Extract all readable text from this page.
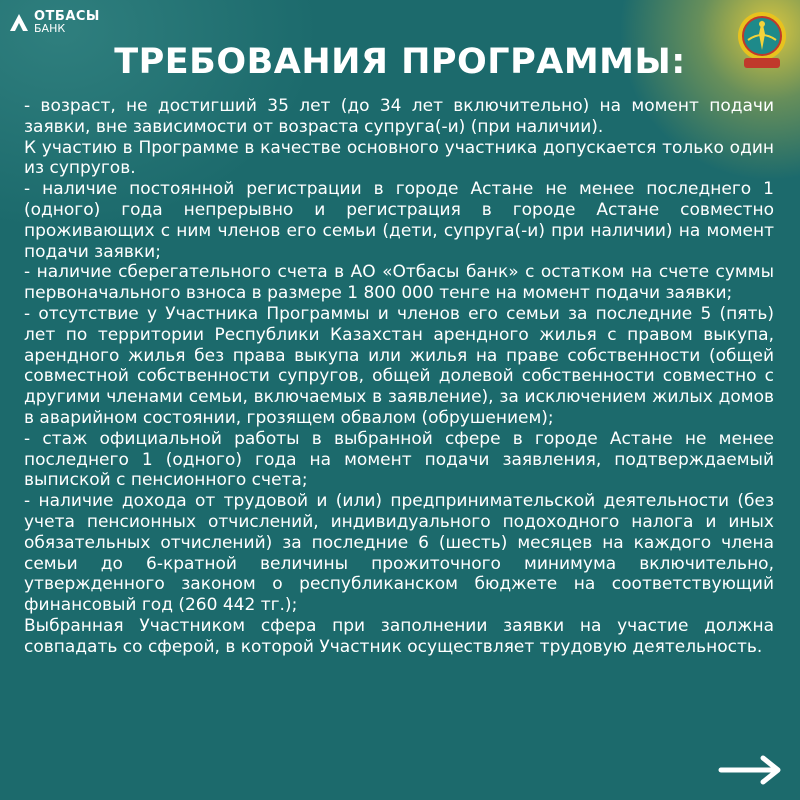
ОТБАСЫ
БАНК
ТРЕБОВАНИЯ ПРОГРАММЫ:

- возраст, не достигший 35 лет (до 34 лет включительно) на момент подачи заявки, вне зависимости от возраста супруга(-и) (при наличии).

К участию в Программе в качестве основного участника допускается только один из супругов.

- наличие постоянной регистрации в городе Астане не менее последнего 1 (одного) года непрерывно и регистрация в городе Астане совместно проживающих с ним членов его семьи (дети, супруга(-и) при наличии) на момент подачи заявки;

- наличие сберегательного счета в АО «Отбасы банк» с остатком на счете суммы первоначального взноса в размере 1 800 000 тенге на момент подачи заявки;

- отсутствие у Участника Программы и членов его семьи за последние 5 (пять) лет по территории Республики Казахстан арендного жилья с правом выкупа, арендного жилья без права выкупа или жилья на праве собственности (общей совместной собственности супругов, общей долевой собственности совместно с другими членами семьи, включаемых в заявление), за исключением жилых домов в аварийном состоянии, грозящем обвалом (обрушением);

- стаж официальной работы в выбранной сфере в городе Астане не менее последнего 1 (одного) года на момент подачи заявления, подтверждаемый выпиской с пенсионного счета;

- наличие дохода от трудовой и (или) предпринимательской деятельности (без учета пенсионных отчислений, индивидуального подоходного налога и иных обязательных отчислений) за последние 6 (шесть) месяцев на каждого члена семьи до 6-кратной величины прожиточного минимума включительно, утвержденного законом о республиканском бюджете на соответствующий финансовый год (260 442 тг.);

Выбранная Участником сфера при заполнении заявки на участие должна совпадать со сферой, в которой Участник осуществляет трудовую деятельность.
